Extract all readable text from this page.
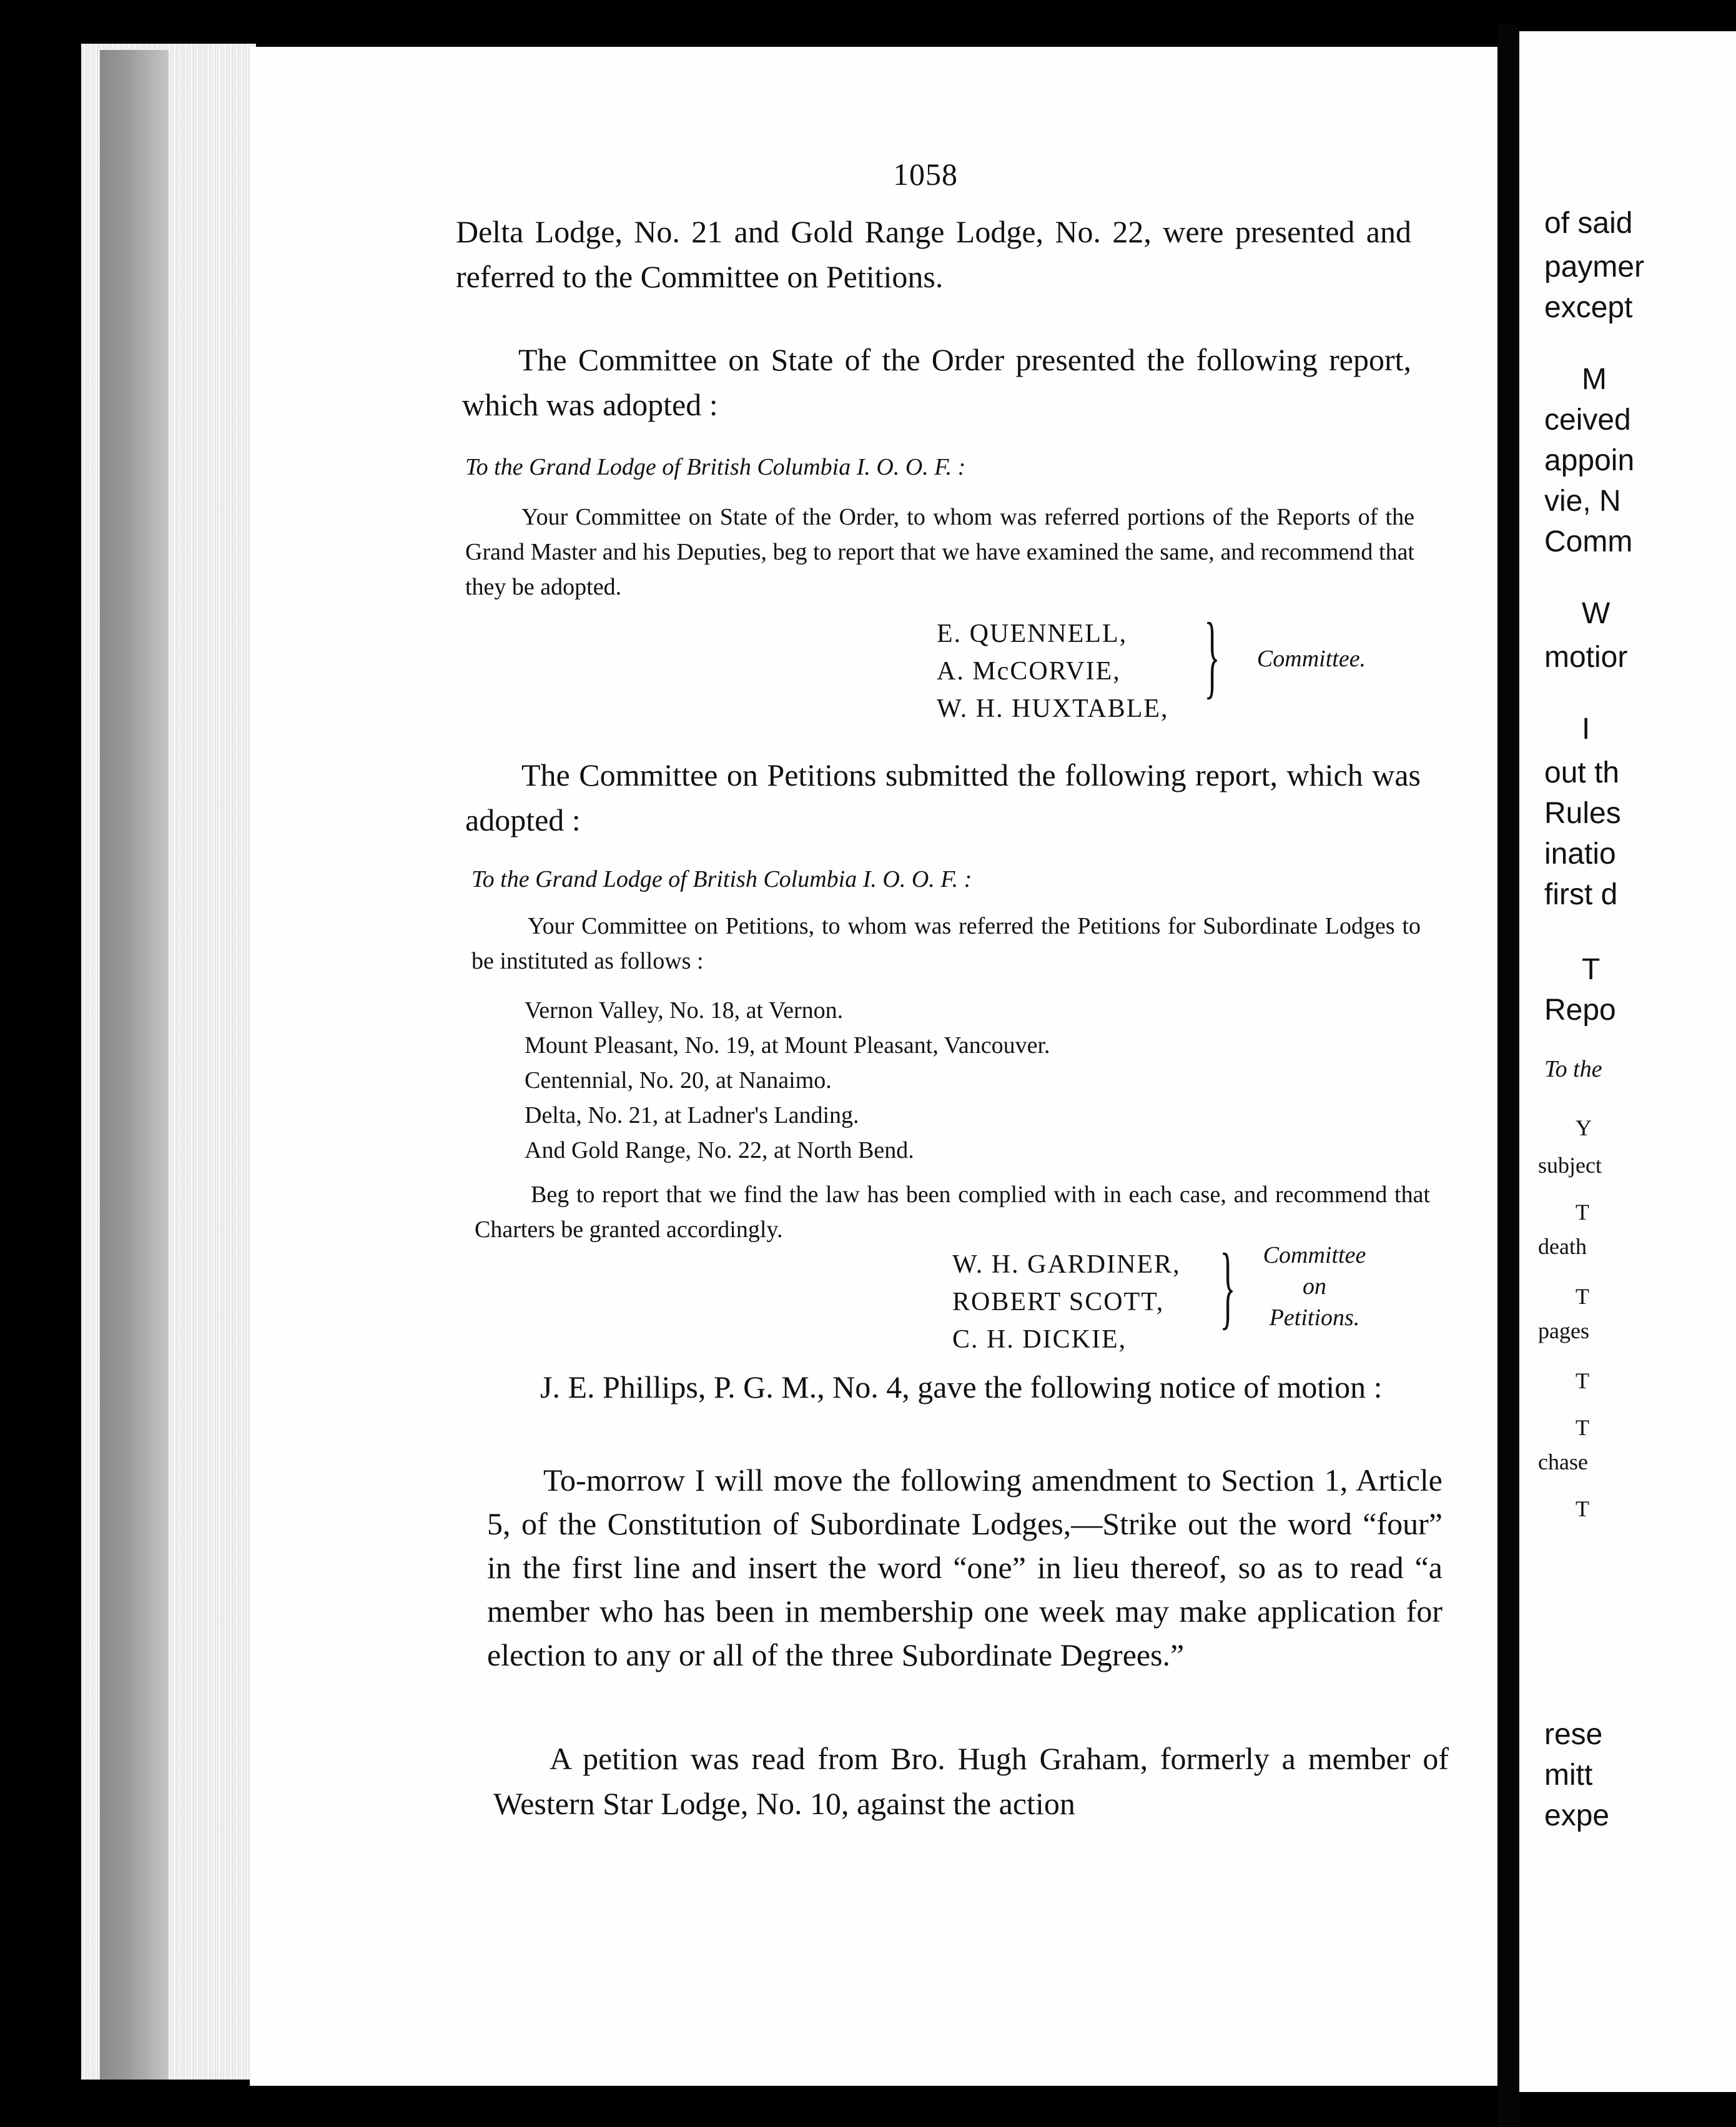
1058

Delta Lodge, No. 21 and Gold Range Lodge, No. 22, were presented and referred to the Committee on Petitions.

The Committee on State of the Order presented the following report, which was adopted :

To the Grand Lodge of British Columbia I. O. O. F. :

Your Committee on State of the Order, to whom was referred portions of the Reports of the Grand Master and his Deputies, beg to report that we have examined the same, and recommend that they be adopted.

E. QUENNELL,
A. McCORVIE,
W. H. HUXTABLE,
}	Committee.

The Committee on Petitions submitted the following report, which was adopted :

To the Grand Lodge of British Columbia I. O. O. F. :

Your Committee on Petitions, to whom was referred the Petitions for Subordinate Lodges to be instituted as follows :

Vernon Valley, No. 18, at Vernon.
Mount Pleasant, No. 19, at Mount Pleasant, Vancouver.
Centennial, No. 20, at Nanaimo.
Delta, No. 21, at Ladner's Landing.
And Gold Range, No. 22, at North Bend.

Beg to report that we find the law has been complied with in each case, and recommend that Charters be granted accordingly.

W. H. GARDINER,
ROBERT SCOTT,
C. H. DICKIE,
}	Committee
on
Petitions.

J. E. Phillips, P. G. M., No. 4, gave the following notice of motion :

To-morrow I will move the following amendment to Section 1, Article 5, of the Constitution of Subordinate Lodges,—Strike out the word “four” in the first line and insert the word “one” in lieu thereof, so as to read “a member who has been in membership one week may make application for election to any or all of the three Subordinate Degrees.”

A petition was read from Bro. Hugh Graham, formerly a member of Western Star Lodge, No. 10, against the action

of said
paymer
except
M
ceived
appoin
vie, N
Comm
W
motior
I
out th
Rules
inatio
first d
T
Repo
To the
Y
subject
T
death
T
pages
T
T
chase
T
rese
mitt
expe
